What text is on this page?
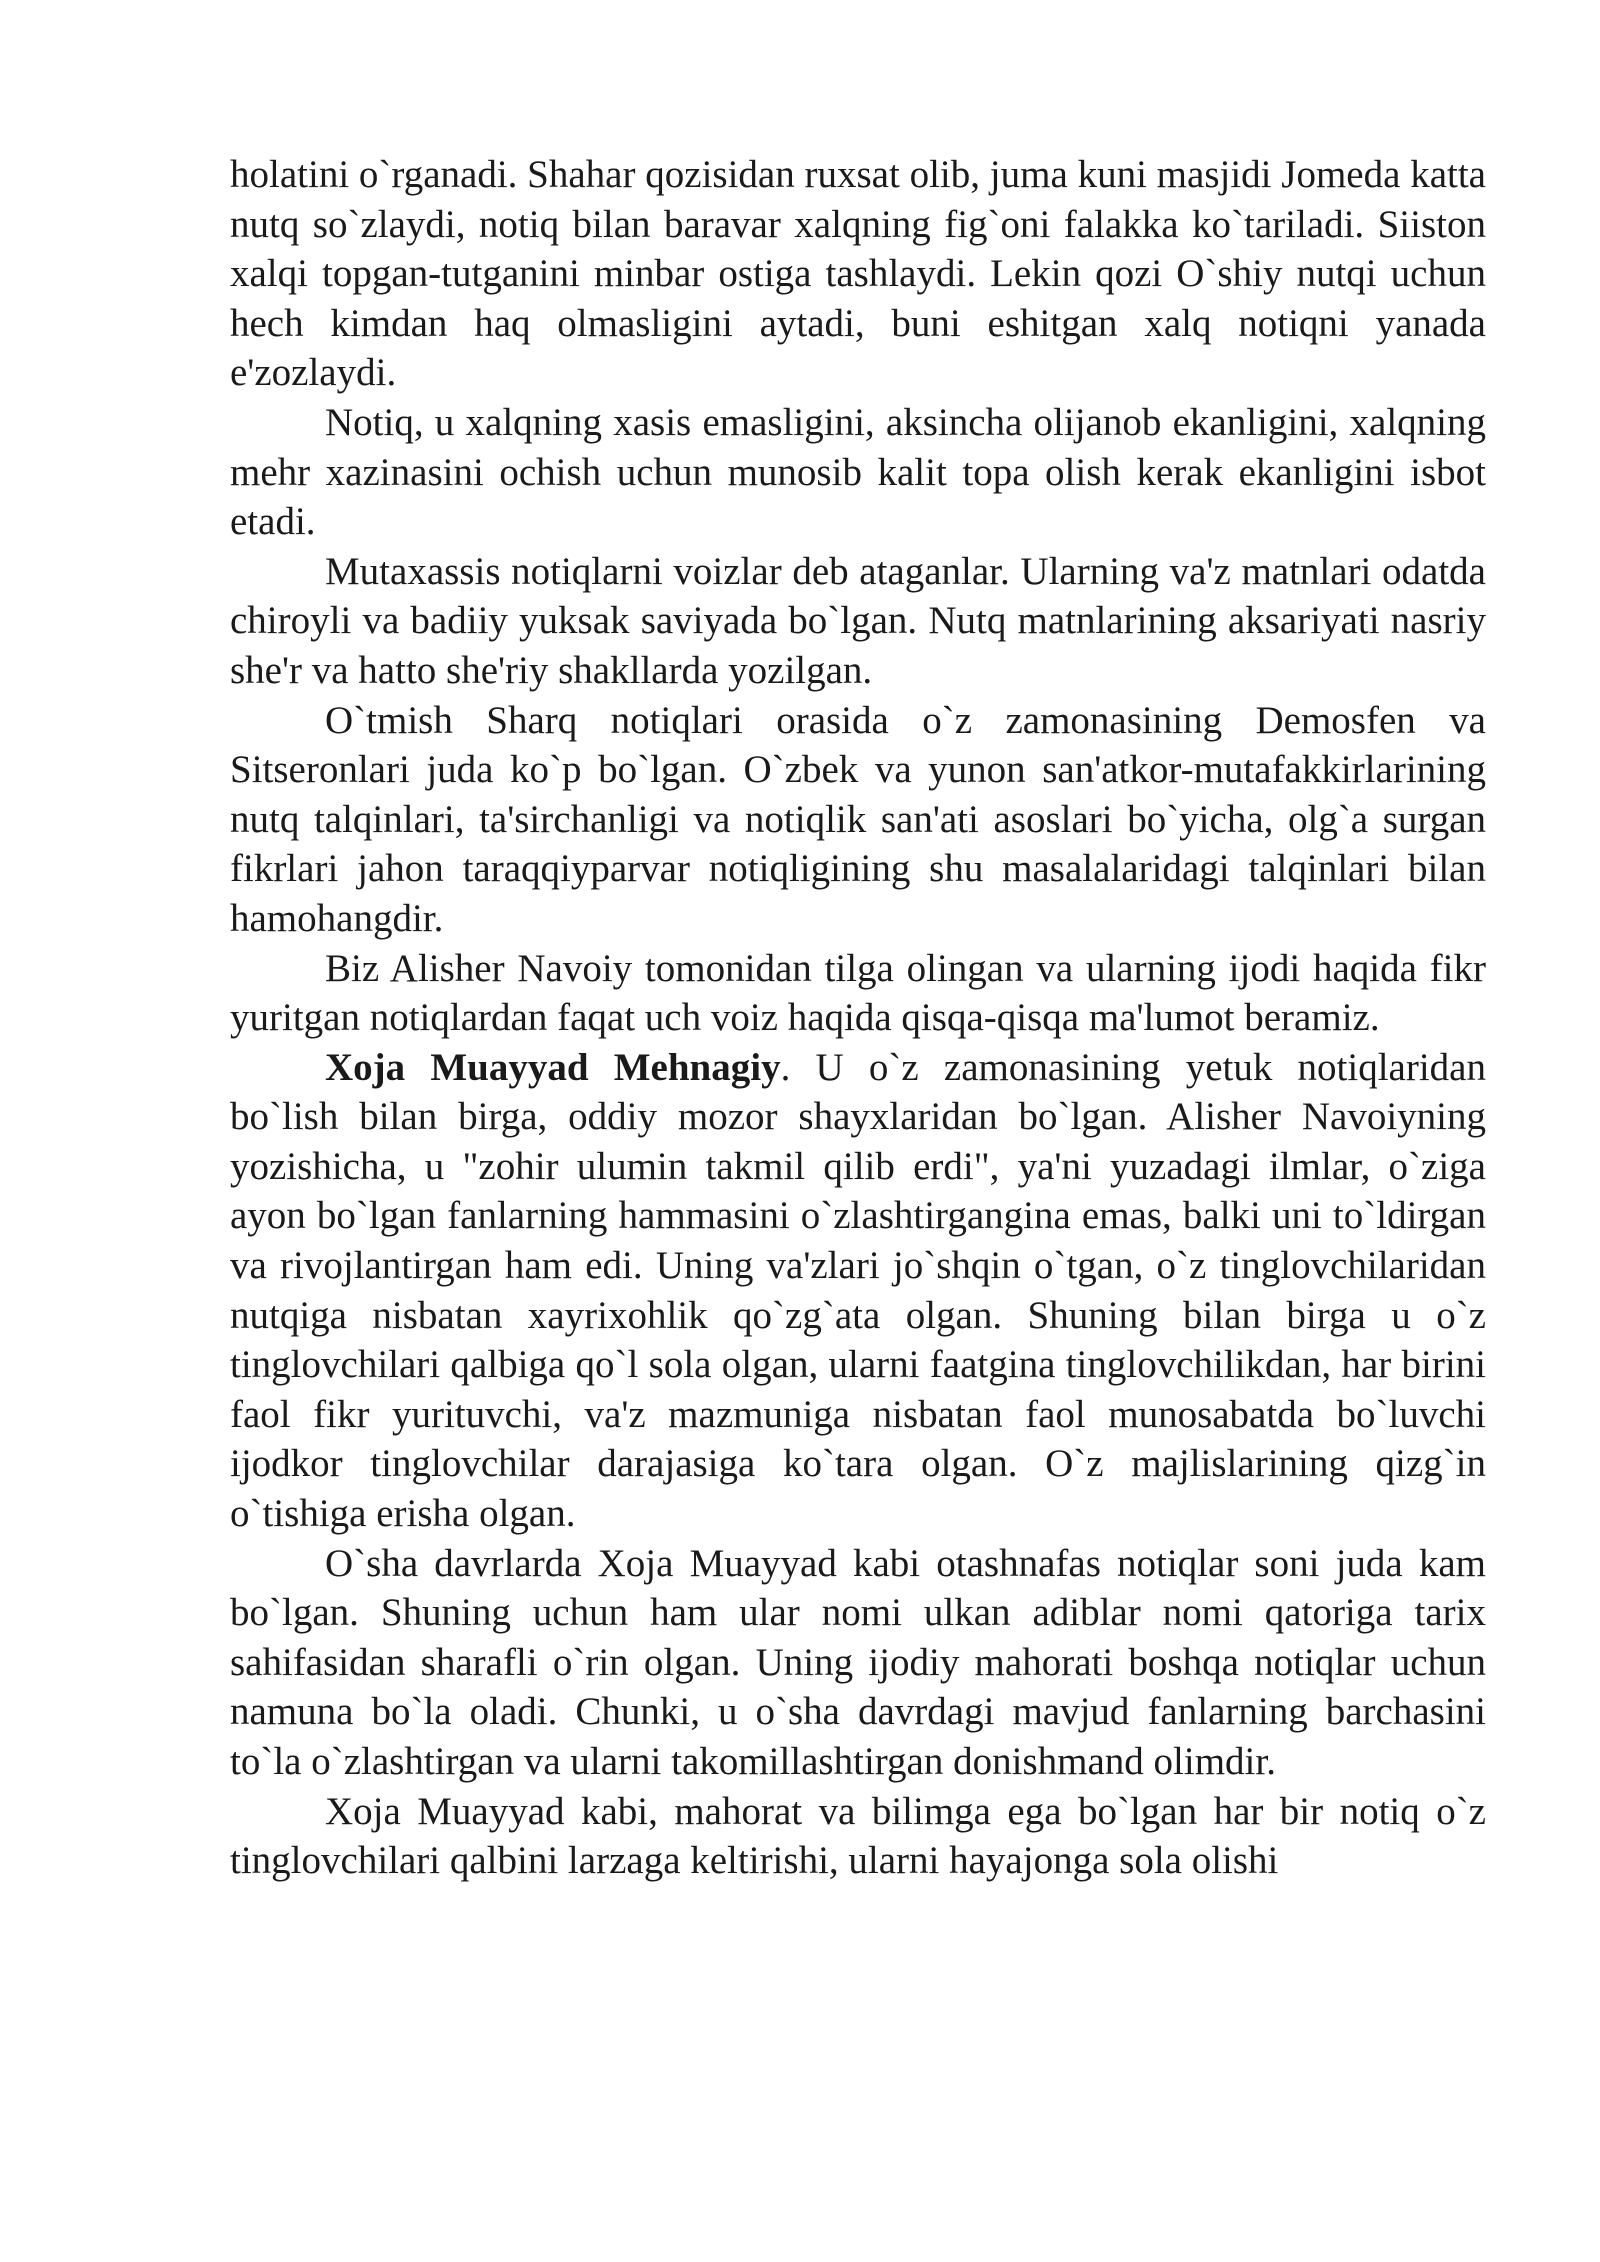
holatini o`rganadi. Shahar qozisidan ruxsat olib, juma kuni masjidi Jomeda katta nutq so`zlaydi, notiq bilan baravar xalqning fig`oni falakka ko`tariladi. Siiston xalqi topgan-tutganini minbar ostiga tashlaydi. Lekin qozi O`shiy nutqi uchun hech kimdan haq olmasligini aytadi, buni eshitgan xalq notiqni yanada e'zozlaydi.

Notiq, u xalqning xasis emasligini, aksincha olijanob ekanligini, xalqning mehr xazinasini ochish uchun munosib kalit topa olish kerak ekanligini isbot etadi.

Mutaxassis notiqlarni voizlar deb ataganlar. Ularning va'z matnlari odatda chiroyli va badiiy yuksak saviyada bo`lgan. Nutq matnlarining aksariyati nasriy she'r va hatto she'riy shakllarda yozilgan.

O`tmish Sharq notiqlari orasida o`z zamonasining Demosfen va Sitseronlari juda ko`p bo`lgan. O`zbek va yunon san'atkor-mutafakkirlarining nutq talqinlari, ta'sirchanligi va notiqlik san'ati asoslari bo`yicha, olg`a surgan fikrlari jahon taraqqiyparvar notiqligining shu masalalaridagi talqinlari bilan hamohangdir.

Biz Alisher Navoiy tomonidan tilga olingan va ularning ijodi haqida fikr yuritgan notiqlardan faqat uch voiz haqida qisqa-qisqa ma'lumot beramiz.

Xoja Muayyad Mehnagiy. U o`z zamonasining yetuk notiqlaridan bo`lish bilan birga, oddiy mozor shayxlaridan bo`lgan. Alisher Navoiyning yozishicha, u "zohir ulumin takmil qilib erdi", ya'ni yuzadagi ilmlar, o`ziga ayon bo`lgan fanlarning hammasini o`zlashtirgangina emas, balki uni to`ldirgan va rivojlantirgan ham edi. Uning va'zlari jo`shqin o`tgan, o`z tinglovchilaridan nutqiga nisbatan xayrixohlik qo`zg`ata olgan. Shuning bilan birga u o`z tinglovchilari qalbiga qo`l sola olgan, ularni faatgina tinglovchilikdan, har birini faol fikr yurituvchi, va'z mazmuniga nisbatan faol munosabatda bo`luvchi ijodkor tinglovchilar darajasiga ko`tara olgan. O`z majlislarining qizg`in o`tishiga erisha olgan.

O`sha davrlarda Xoja Muayyad kabi otashnafas notiqlar soni juda kam bo`lgan. Shuning uchun ham ular nomi ulkan adiblar nomi qatoriga tarix sahifasidan sharafli o`rin olgan. Uning ijodiy mahorati boshqa notiqlar uchun namuna bo`la oladi. Chunki, u o`sha davrdagi mavjud fanlarning barchasini to`la o`zlashtirgan va ularni takomillashtirgan donishmand olimdir.

Xoja Muayyad kabi, mahorat va bilimga ega bo`lgan har bir notiq o`z tinglovchilari qalbini larzaga keltirishi, ularni hayajonga sola olishi
